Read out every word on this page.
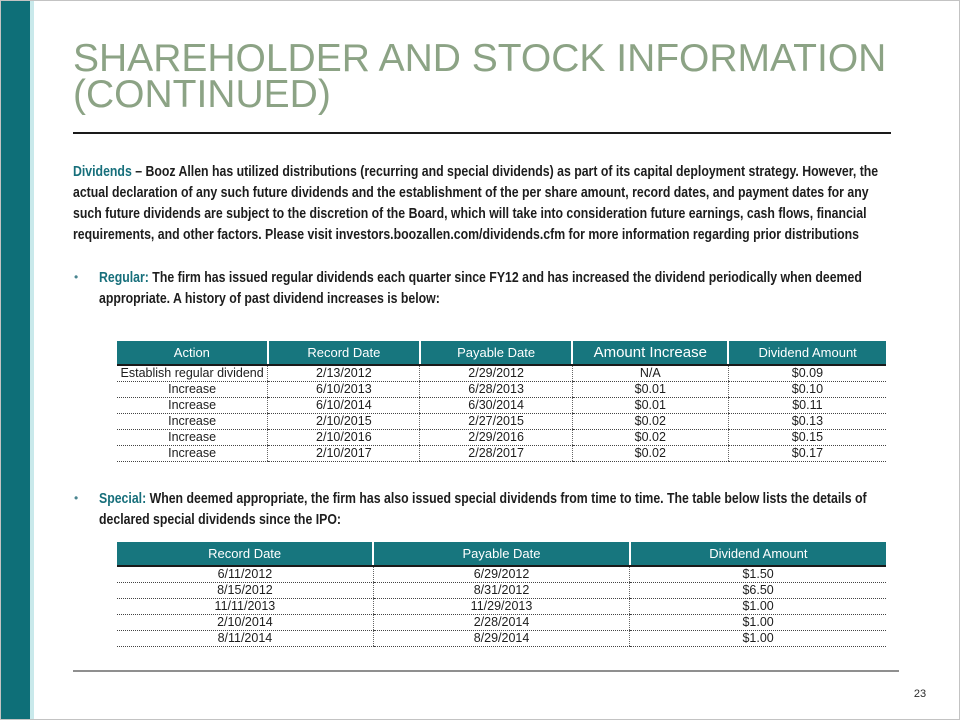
SHAREHOLDER AND STOCK INFORMATION
(CONTINUED)

Dividends – Booz Allen has utilized distributions (recurring and special dividends) as part of its capital deployment strategy. However, the actual declaration of any such future dividends and the establishment of the per share amount, record dates, and payment dates for any such future dividends are subject to the discretion of the Board, which will take into consideration future earnings, cash flows, financial requirements, and other factors. Please visit investors.boozallen.com/dividends.cfm for more information regarding prior distributions

•	Regular: The firm has issued regular dividends each quarter since FY12 and has increased the dividend periodically when deemed appropriate. A history of past dividend increases is below:
Action	Record Date	Payable Date	Amount Increase	Dividend Amount
Establish regular dividend	2/13/2012	2/29/2012	N/A	$0.09
Increase	6/10/2013	6/28/2013	$0.01	$0.10
Increase	6/10/2014	6/30/2014	$0.01	$0.11
Increase	2/10/2015	2/27/2015	$0.02	$0.13
Increase	2/10/2016	2/29/2016	$0.02	$0.15
Increase	2/10/2017	2/28/2017	$0.02	$0.17
•	Special: When deemed appropriate, the firm has also issued special dividends from time to time. The table below lists the details of declared special dividends since the IPO:
Record Date	Payable Date	Dividend Amount
6/11/2012	6/29/2012	$1.50
8/15/2012	8/31/2012	$6.50
11/11/2013	11/29/2013	$1.00
2/10/2014	2/28/2014	$1.00
8/11/2014	8/29/2014	$1.00
23
